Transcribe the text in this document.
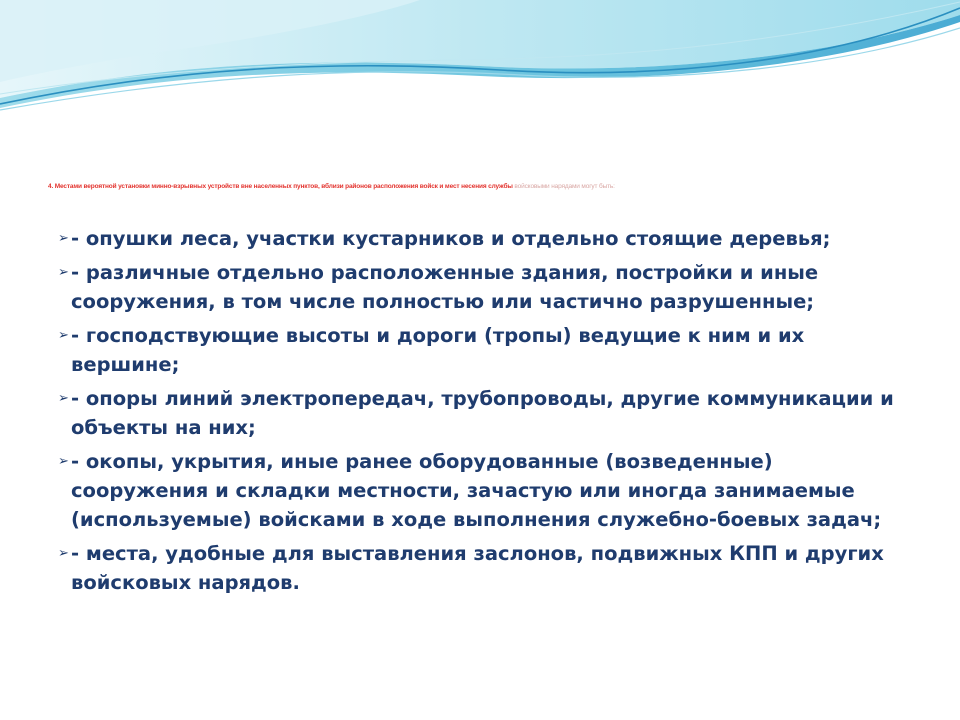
4. Местами вероятной установки минно-взрывных устройств вне населенных пунктов, вблизи районов расположения войск и мест несения службы войсковыми нарядами могут быть:
➢ - опушки леса, участки кустарников и отдельно стоящие деревья;
➢ - различные отдельно расположенные здания, постройки и иные сооружения, в том числе полностью или частично разрушенные;
➢ - господствующие высоты и дороги (тропы) ведущие к ним и их вершине;
➢ - опоры линий электропередач, трубопроводы, другие коммуникации и объекты на них;
➢ - окопы, укрытия, иные ранее оборудованные (возведенные) сооружения и складки местности, зачастую или иногда занимаемые (используемые) войсками в ходе выполнения служебно-боевых задач;
➢ - места, удобные для выставления заслонов, подвижных КПП и других войсковых нарядов.
